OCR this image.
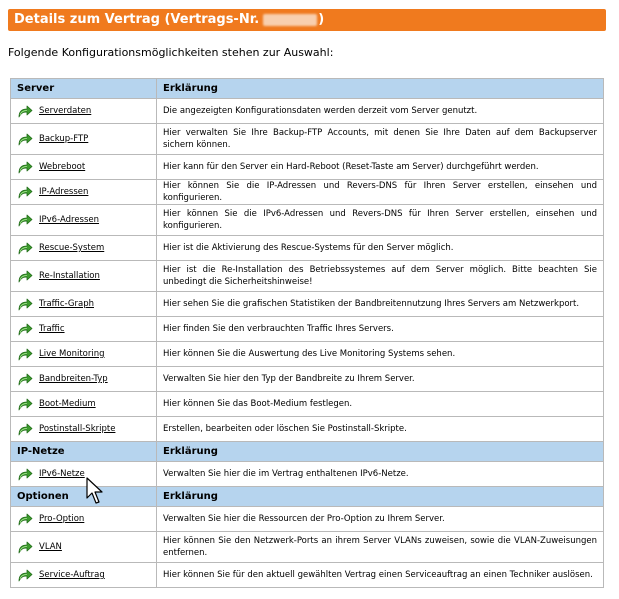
Details zum Vertrag (Vertrags-Nr.	)
Folgende Konfigurationsmöglichkeiten stehen zur Auswahl:
Server	Erklärung

Serverdaten	Die angezeigten Konfigurationsdaten werden derzeit vom Server genutzt.

Backup-FTP	Hier verwalten Sie Ihre Backup-FTP Accounts, mit denen Sie Ihre Daten auf dem Backupserver sichern können.

Webreboot	Hier kann für den Server ein Hard-Reboot (Reset-Taste am Server) durchgeführt werden.

IP-Adressen	Hier können Sie die IP-Adressen und Revers-DNS für Ihren Server erstellen, einsehen und konfigurieren.

IPv6-Adressen	Hier können Sie die IPv6-Adressen und Revers-DNS für Ihren Server erstellen, einsehen und konfigurieren.

Rescue-System	Hier ist die Aktivierung des Rescue-Systems für den Server möglich.

Re-Installation	Hier ist die Re-Installation des Betriebssystemes auf dem Server möglich. Bitte beachten Sie unbedingt die Sicherheitshinweise!

Traffic-Graph	Hier sehen Sie die grafischen Statistiken der Bandbreitennutzung Ihres Servers am Netzwerkport.

Traffic	Hier finden Sie den verbrauchten Traffic Ihres Servers.

Live Monitoring	Hier können Sie die Auswertung des Live Monitoring Systems sehen.

Bandbreiten-Typ	Verwalten Sie hier den Typ der Bandbreite zu Ihrem Server.

Boot-Medium	Hier können Sie das Boot-Medium festlegen.

Postinstall-Skripte	Erstellen, bearbeiten oder löschen Sie Postinstall-Skripte.
IP-Netze	Erklärung

IPv6-Netze	Verwalten Sie hier die im Vertrag enthaltenen IPv6-Netze.
Optionen	Erklärung

Pro-Option	Verwalten Sie hier die Ressourcen der Pro-Option zu Ihrem Server.

VLAN	Hier können Sie den Netzwerk-Ports an ihrem Server VLANs zuweisen, sowie die VLAN-Zuweisungen entfernen.

Service-Auftrag	Hier können Sie für den aktuell gewählten Vertrag einen Serviceauftrag an einen Techniker auslösen.
